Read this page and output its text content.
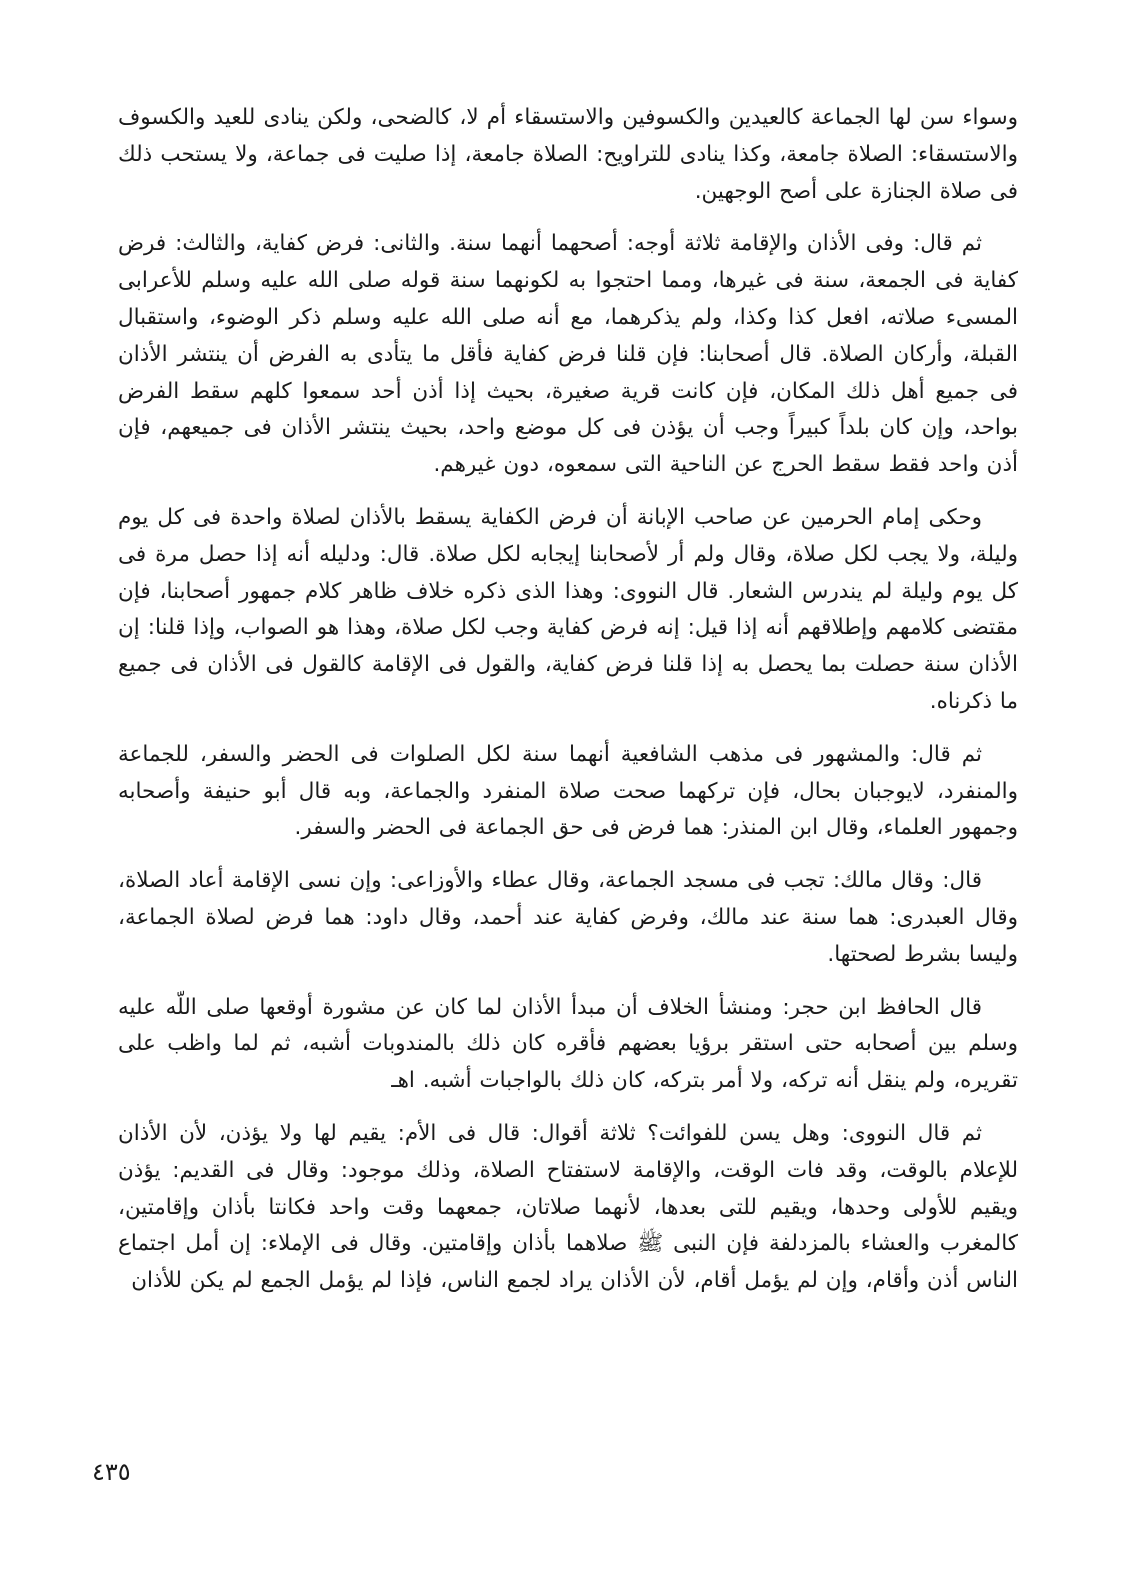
وسواء سن لها الجماعة كالعيدين والكسوفين والاستسقاء أم لا، كالضحى، ولكن ينادى للعيد والكسوف والاستسقاء: الصلاة جامعة، وكذا ينادى للتراويح: الصلاة جامعة، إذا صليت فى جماعة، ولا يستحب ذلك فى صلاة الجنازة على أصح الوجهين.

ثم قال: وفى الأذان والإقامة ثلاثة أوجه: أصحهما أنهما سنة. والثانى: فرض كفاية، والثالث: فرض كفاية فى الجمعة، سنة فى غيرها، ومما احتجوا به لكونهما سنة قوله صلى الله عليه وسلم للأعرابى المسىء صلاته، افعل كذا وكذا، ولم يذكرهما، مع أنه صلى الله عليه وسلم ذكر الوضوء، واستقبال القبلة، وأركان الصلاة. قال أصحابنا: فإن قلنا فرض كفاية فأقل ما يتأدى به الفرض أن ينتشر الأذان فى جميع أهل ذلك المكان، فإن كانت قرية صغيرة، بحيث إذا أذن أحد سمعوا كلهم سقط الفرض بواحد، وإن كان بلداً كبيراً وجب أن يؤذن فى كل موضع واحد، بحيث ينتشر الأذان فى جميعهم، فإن أذن واحد فقط سقط الحرج عن الناحية التى سمعوه، دون غيرهم.

وحكى إمام الحرمين عن صاحب الإبانة أن فرض الكفاية يسقط بالأذان لصلاة واحدة فى كل يوم وليلة، ولا يجب لكل صلاة، وقال ولم أر لأصحابنا إيجابه لكل صلاة. قال: ودليله أنه إذا حصل مرة فى كل يوم وليلة لم يندرس الشعار. قال النووى: وهذا الذى ذكره خلاف ظاهر كلام جمهور أصحابنا، فإن مقتضى كلامهم وإطلاقهم أنه إذا قيل: إنه فرض كفاية وجب لكل صلاة، وهذا هو الصواب، وإذا قلنا: إن الأذان سنة حصلت بما يحصل به إذا قلنا فرض كفاية، والقول فى الإقامة كالقول فى الأذان فى جميع ما ذكرناه.

ثم قال: والمشهور فى مذهب الشافعية أنهما سنة لكل الصلوات فى الحضر والسفر، للجماعة والمنفرد، لايوجبان بحال، فإن تركهما صحت صلاة المنفرد والجماعة، وبه قال أبو حنيفة وأصحابه وجمهور العلماء، وقال ابن المنذر: هما فرض فى حق الجماعة فى الحضر والسفر.

قال: وقال مالك: تجب فى مسجد الجماعة، وقال عطاء والأوزاعى: وإن نسى الإقامة أعاد الصلاة، وقال العبدرى: هما سنة عند مالك، وفرض كفاية عند أحمد، وقال داود: هما فرض لصلاة الجماعة، وليسا بشرط لصحتها.

قال الحافظ ابن حجر: ومنشأ الخلاف أن مبدأ الأذان لما كان عن مشورة أوقعها صلى اللّه عليه وسلم بين أصحابه حتى استقر برؤيا بعضهم فأقره كان ذلك بالمندوبات أشبه، ثم لما واظب على تقريره، ولم ينقل أنه تركه، ولا أمر بتركه، كان ذلك بالواجبات أشبه. اهـ

ثم قال النووى: وهل يسن للفوائت؟ ثلاثة أقوال: قال فى الأم: يقيم لها ولا يؤذن، لأن الأذان للإعلام بالوقت، وقد فات الوقت، والإقامة لاستفتاح الصلاة، وذلك موجود: وقال فى القديم: يؤذن ويقيم للأولى وحدها، ويقيم للتى بعدها، لأنهما صلاتان، جمعهما وقت واحد فكانتا بأذان وإقامتين، كالمغرب والعشاء بالمزدلفة فإن النبى ﷺ صلاهما بأذان وإقامتين. وقال فى الإملاء: إن أمل اجتماع الناس أذن وأقام، وإن لم يؤمل أقام، لأن الأذان يراد لجمع الناس، فإذا لم يؤمل الجمع لم يكن للأذان

٤٣٥
